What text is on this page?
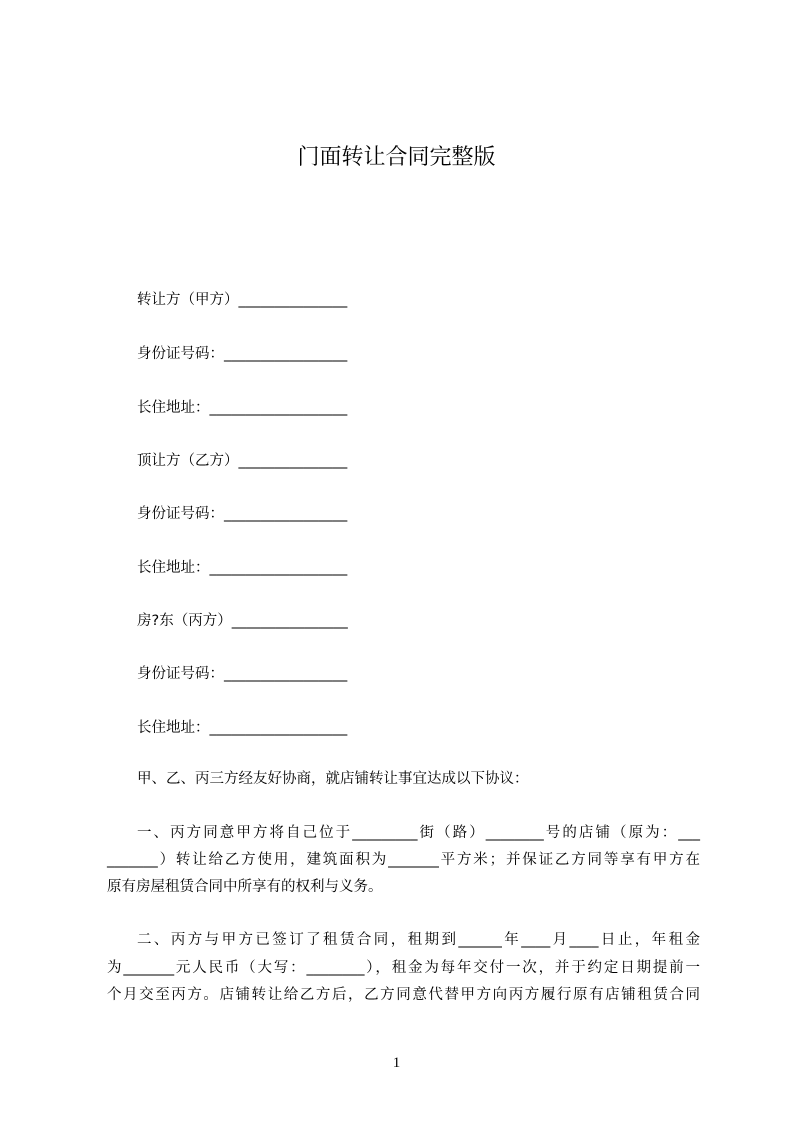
门面转让合同完整版
转让方（甲方）_______________
身份证号码：_________________
长住地址：___________________
顶让方（乙方）_______________
身份证号码：_________________
长住地址：___________________
房?东（丙方）________________
身份证号码：_________________
长住地址：___________________
甲、乙、丙三方经友好协商，就店铺转让事宜达成以下协议：
一、丙方同意甲方将自己位于_________街（路）________号的店铺（原为：___
_______）转让给乙方使用，建筑面积为_______平方米；并保证乙方同等享有甲方在
原有房屋租赁合同中所享有的权利与义务。
二、丙方与甲方已签订了租赁合同，租期到______年____月____日止，年租金
为_______元人民币（大写：________），租金为每年交付一次，并于约定日期提前一
个月交至丙方。店铺转让给乙方后，乙方同意代替甲方向丙方履行原有店铺租赁合同
1
